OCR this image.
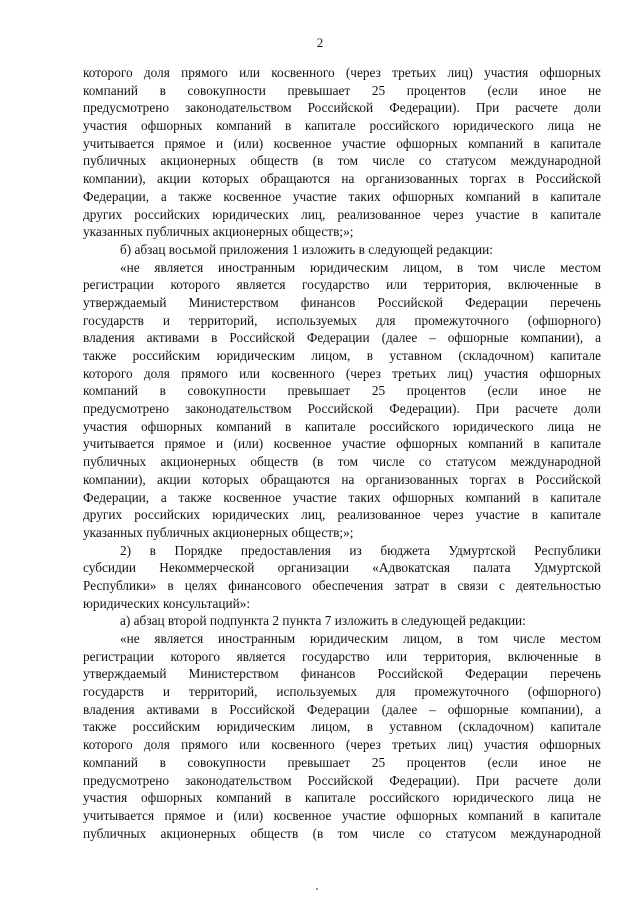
2
которого доля прямого или косвенного (через третьих лиц) участия офшорных
компаний в совокупности превышает 25 процентов (если иное не
предусмотрено законодательством Российской Федерации). При расчете доли
участия офшорных компаний в капитале российского юридического лица не
учитывается прямое и (или) косвенное участие офшорных компаний в капитале
публичных акционерных обществ (в том числе со статусом международной
компании), акции которых обращаются на организованных торгах в Российской
Федерации, а также косвенное участие таких офшорных компаний в капитале
других российских юридических лиц, реализованное через участие в капитале
указанных публичных акционерных обществ;»;
б) абзац восьмой приложения 1 изложить в следующей редакции:
«не является иностранным юридическим лицом, в том числе местом
регистрации которого является государство или территория, включенные в
утверждаемый Министерством финансов Российской Федерации перечень
государств и территорий, используемых для промежуточного (офшорного)
владения активами в Российской Федерации (далее – офшорные компании), а
также российским юридическим лицом, в уставном (складочном) капитале
которого доля прямого или косвенного (через третьих лиц) участия офшорных
компаний в совокупности превышает 25 процентов (если иное не
предусмотрено законодательством Российской Федерации). При расчете доли
участия офшорных компаний в капитале российского юридического лица не
учитывается прямое и (или) косвенное участие офшорных компаний в капитале
публичных акционерных обществ (в том числе со статусом международной
компании), акции которых обращаются на организованных торгах в Российской
Федерации, а также косвенное участие таких офшорных компаний в капитале
других российских юридических лиц, реализованное через участие в капитале
указанных публичных акционерных обществ;»;
2) в Порядке предоставления из бюджета Удмуртской Республики
субсидии Некоммерческой организации «Адвокатская палата Удмуртской
Республики» в целях финансового обеспечения затрат в связи с деятельностью
юридических консультаций»:
а) абзац второй подпункта 2 пункта 7 изложить в следующей редакции:
«не является иностранным юридическим лицом, в том числе местом
регистрации которого является государство или территория, включенные в
утверждаемый Министерством финансов Российской Федерации перечень
государств и территорий, используемых для промежуточного (офшорного)
владения активами в Российской Федерации (далее – офшорные компании), а
также российским юридическим лицом, в уставном (складочном) капитале
которого доля прямого или косвенного (через третьих лиц) участия офшорных
компаний в совокупности превышает 25 процентов (если иное не
предусмотрено законодательством Российской Федерации). При расчете доли
участия офшорных компаний в капитале российского юридического лица не
учитывается прямое и (или) косвенное участие офшорных компаний в капитале
публичных акционерных обществ (в том числе со статусом международной
